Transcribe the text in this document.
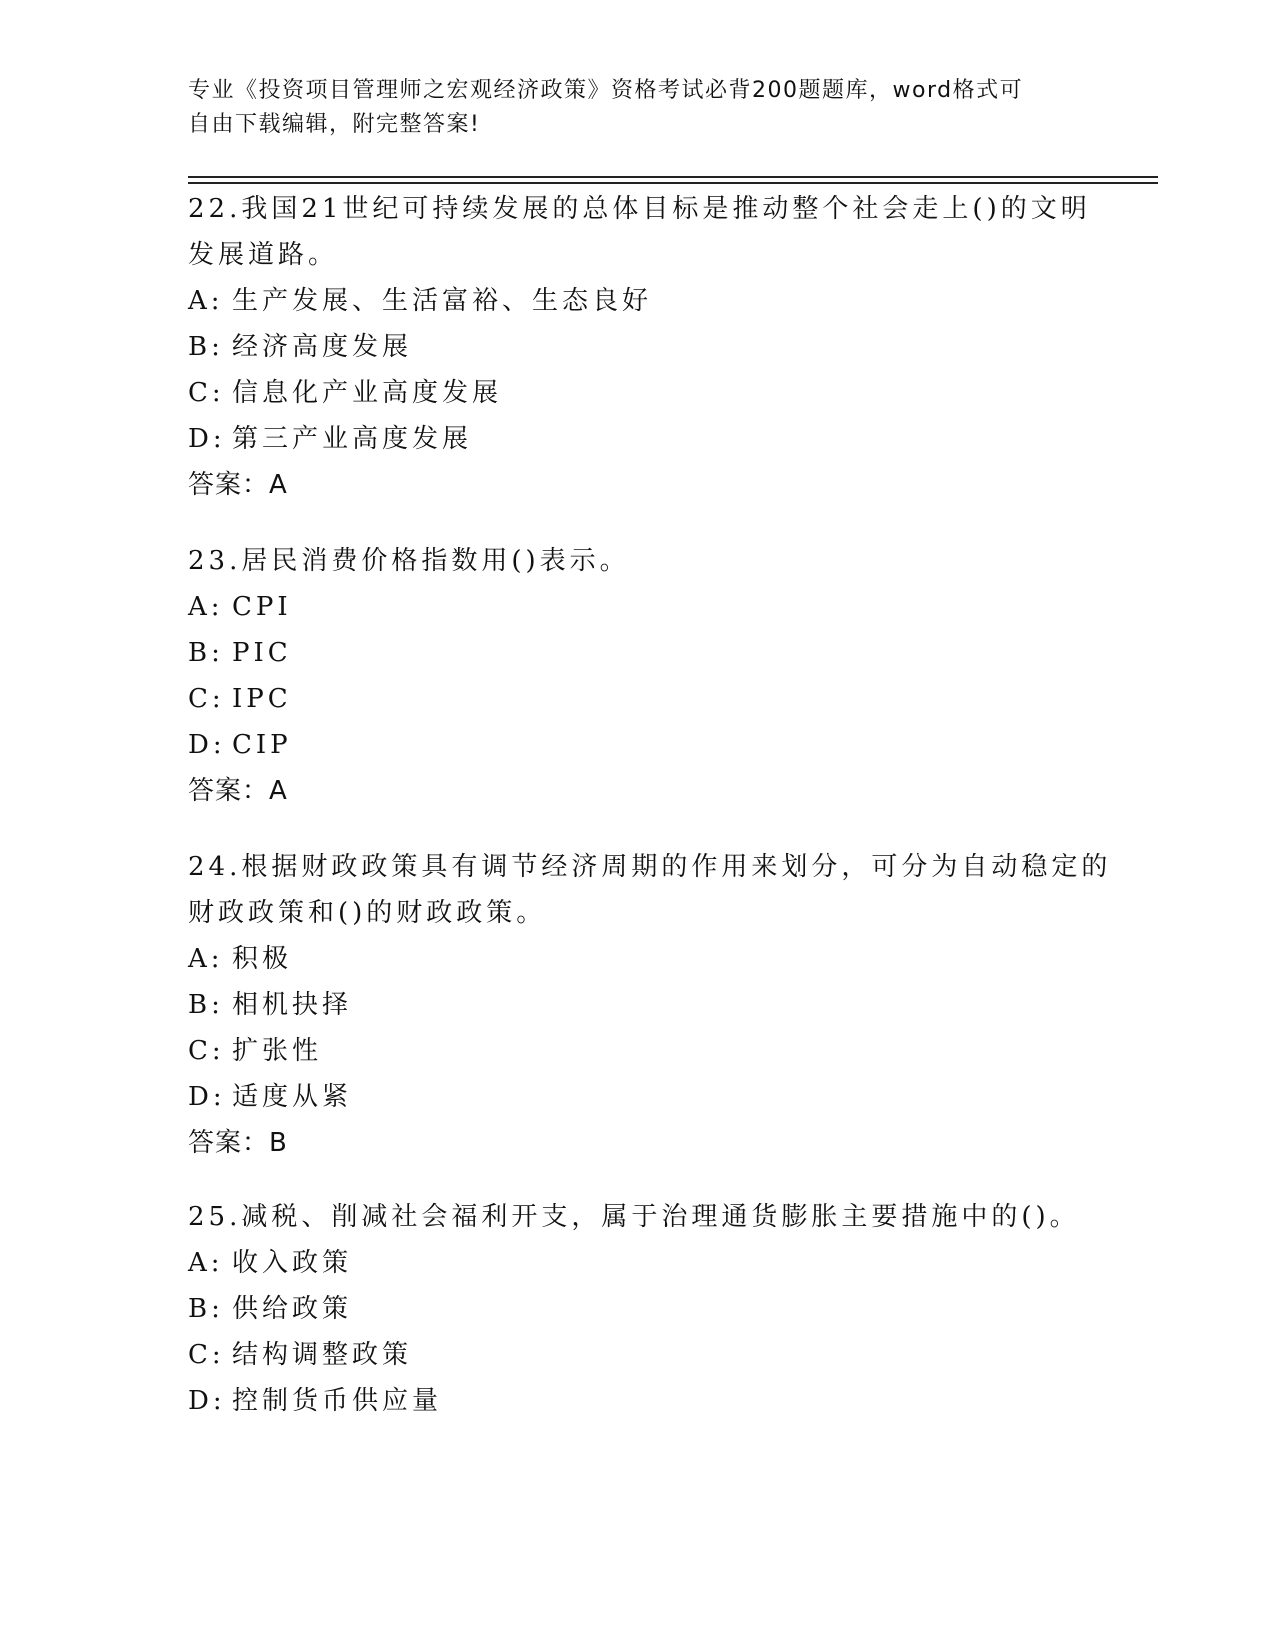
专业《投资项目管理师之宏观经济政策》资格考试必背200题题库，word格式可
自由下载编辑，附完整答案!
22.我国21世纪可持续发展的总体目标是推动整个社会走上()的文明
发展道路。
A: 生产发展、生活富裕、生态良好
B: 经济高度发展
C: 信息化产业高度发展
D: 第三产业高度发展
答案：A
23.居民消费价格指数用()表示。
A: CPI
B: PIC
C: IPC
D: CIP
答案：A
24.根据财政政策具有调节经济周期的作用来划分，可分为自动稳定的
财政政策和()的财政政策。
A: 积极
B: 相机抉择
C: 扩张性
D: 适度从紧
答案：B
25.减税、削减社会福利开支，属于治理通货膨胀主要措施中的()。
A: 收入政策
B: 供给政策
C: 结构调整政策
D: 控制货币供应量
